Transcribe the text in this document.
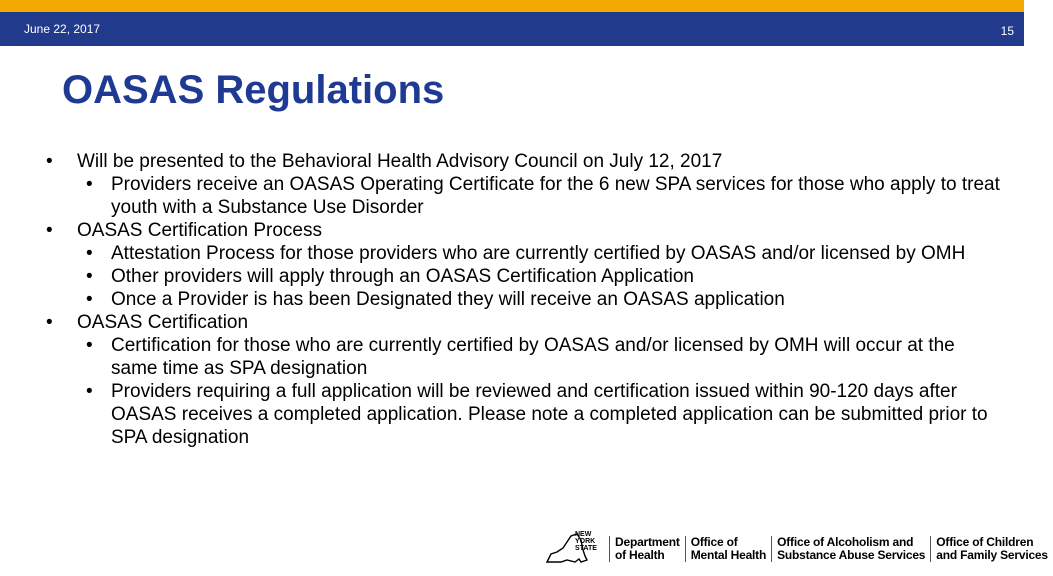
June 22, 2017	15
OASAS Regulations
• Will be presented to the Behavioral Health Advisory Council on July 12, 2017
• Providers receive an OASAS Operating Certificate for the 6 new SPA services for those who apply to treat youth with a Substance Use Disorder
• OASAS Certification Process
• Attestation Process for those providers who are currently certified by OASAS and/or licensed by OMH
• Other providers will apply through an OASAS Certification Application
• Once a Provider is has been Designated they will receive an OASAS application
• OASAS Certification
• Certification for those who are currently certified by OASAS and/or licensed by OMH will occur at the same time as SPA designation
• Providers requiring a full application will be reviewed and certification issued within 90-120 days after OASAS receives a completed application. Please note a completed application can be submitted prior to SPA designation
NEW
YORK
STATE	Department
of Health
Office of
Mental Health
Office of Alcoholism and
Substance Abuse Services
Office of Children
and Family Services
